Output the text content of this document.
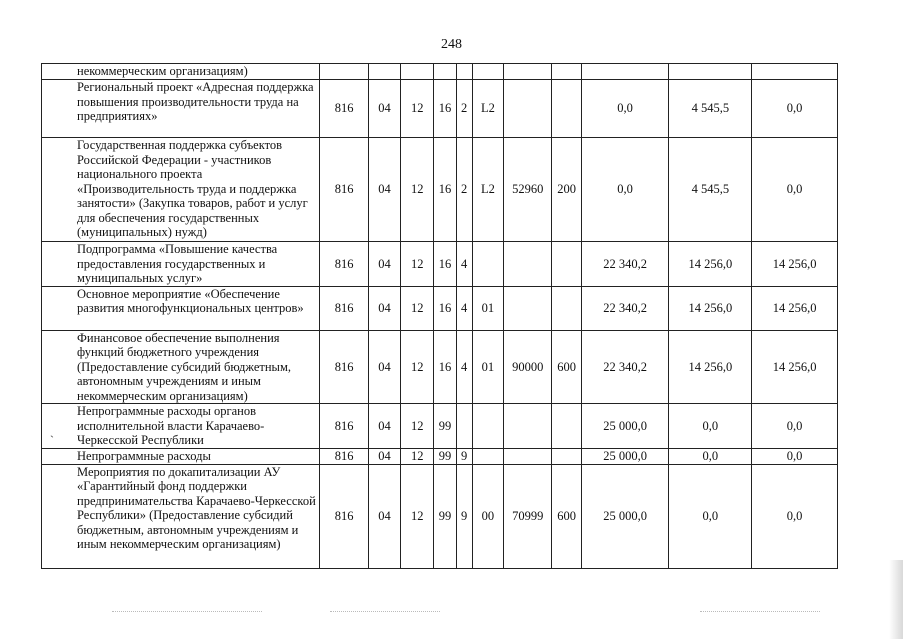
248
некоммерческим организациям)											
Региональный проект «Адресная поддержка повышения производительности труда на предприятиях»	816	04	12	16	2	L2			0,0	4 545,5	0,0
Государственная поддержка субъектов Российской Федерации - участников национального проекта «Производительность труда и поддержка занятости» (Закупка товаров, работ и услуг для обеспечения государственных (муниципальных) нужд)	816	04	12	16	2	L2	52960	200	0,0	4 545,5	0,0
Подпрограмма «Повышение качества предоставления государственных и муниципальных услуг»	816	04	12	16	4				22 340,2	14 256,0	14 256,0
Основное мероприятие «Обеспечение развития многофункциональных центров»	816	04	12	16	4	01			22 340,2	14 256,0	14 256,0
Финансовое обеспечение выполнения функций бюджетного учреждения (Предоставление субсидий бюджетным, автономным учреждениям и иным некоммерческим организациям)	816	04	12	16	4	01	90000	600	22 340,2	14 256,0	14 256,0
Непрограммные расходы органов исполнительной власти Карачаево-Черкесской Республики	816	04	12	99					25 000,0	0,0	0,0
Непрограммные расходы	816	04	12	99	9				25 000,0	0,0	0,0
Мероприятия по докапитализации АУ «Гарантийный фонд поддержки предпринимательства Карачаево-Черкесской Республики» (Предоставление субсидий бюджетным, автономным учреждениям и иным некоммерческим организациям)	816	04	12	99	9	00	70999	600	25 000,0	0,0	0,0
ˏ
